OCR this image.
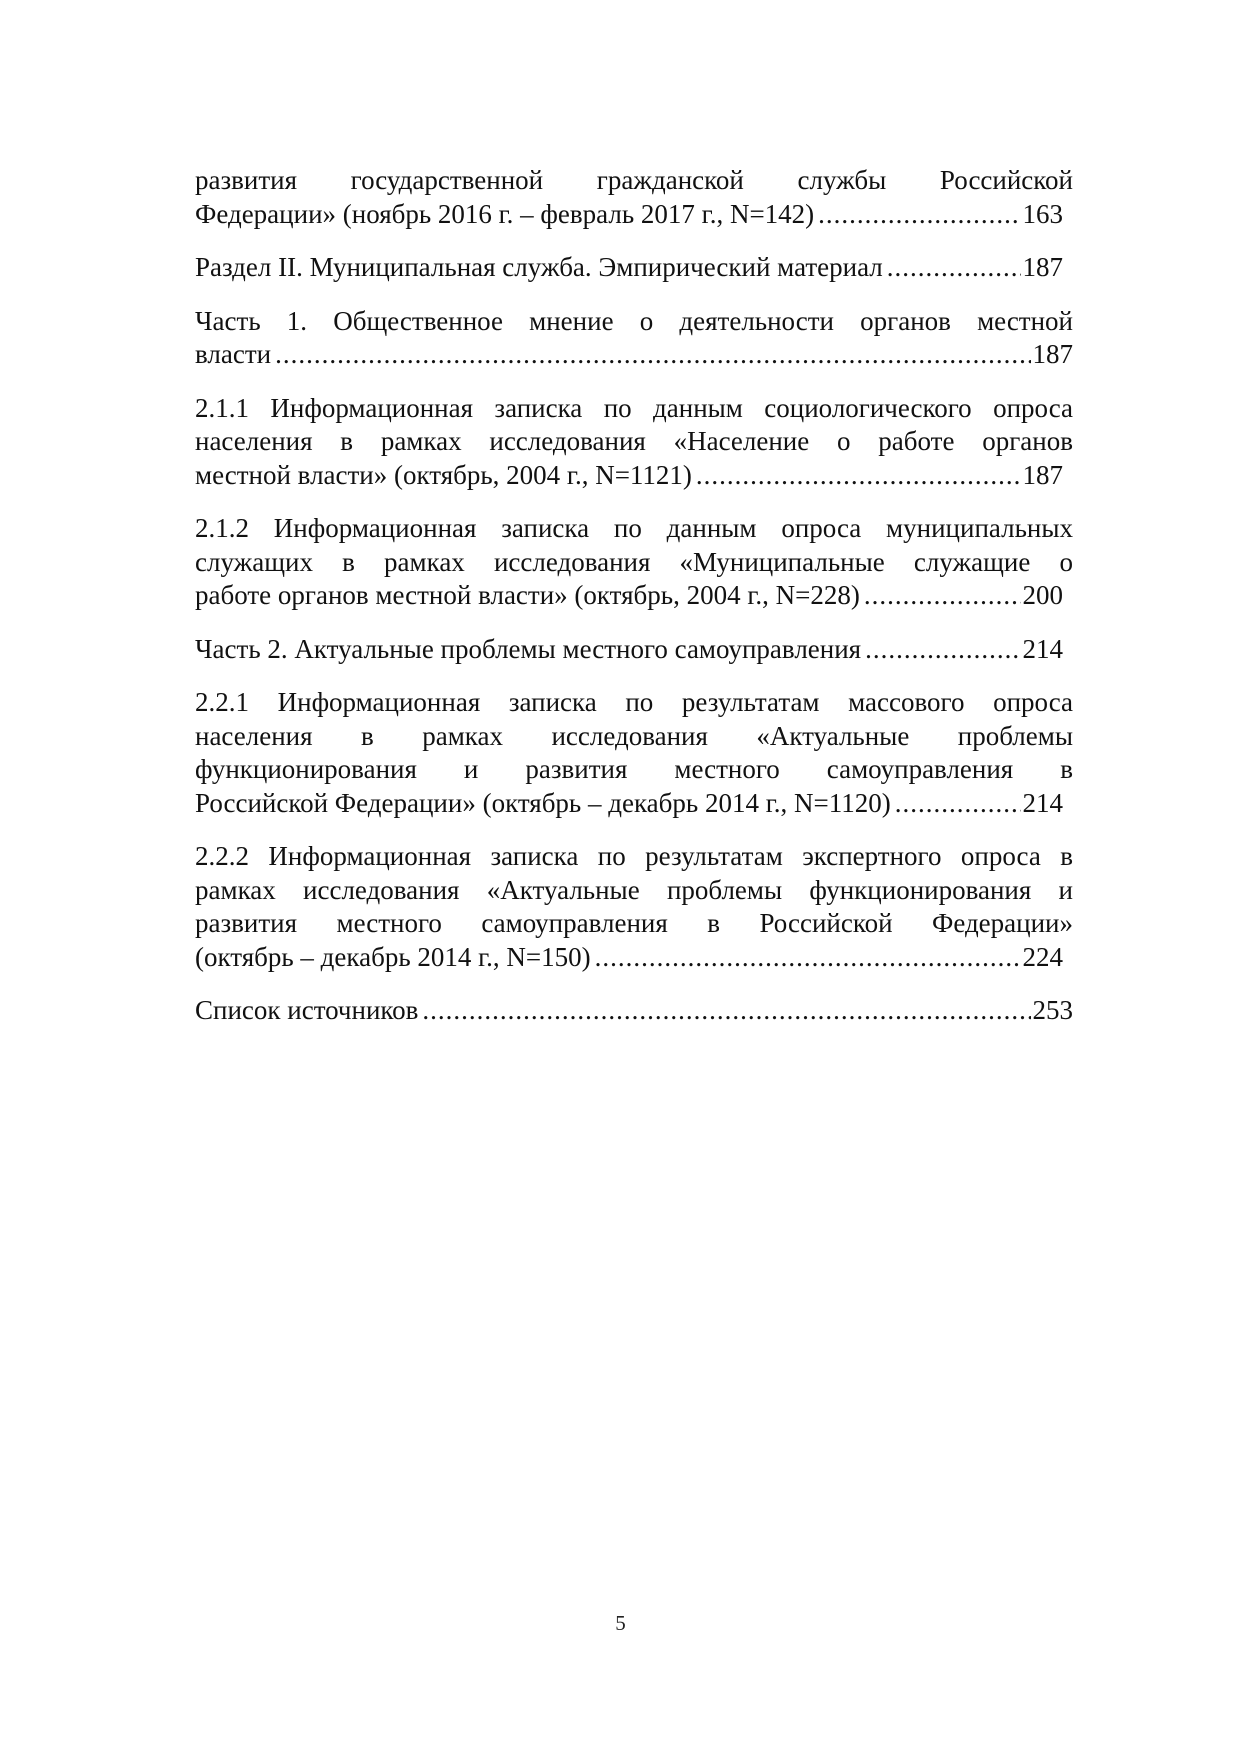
развития государственной гражданской службы Российской
Федерации» (ноябрь 2016 г. – февраль 2017 г., N=142) .....	163
Раздел II. Муниципальная служба. Эмпирический материал .....	187
Часть 1. Общественное мнение о деятельности органов местной
власти .....	187
2.1.1 Информационная записка по данным социологического опроса
населения в рамках исследования «Население о работе органов
местной власти» (октябрь, 2004 г., N=1121) .....	187
2.1.2 Информационная записка по данным опроса муниципальных
служащих в рамках исследования «Муниципальные служащие о
работе органов местной власти» (октябрь, 2004 г., N=228) .....	200
Часть 2. Актуальные проблемы местного самоуправления .....	214
2.2.1 Информационная записка по результатам массового опроса
населения в рамках исследования «Актуальные проблемы
функционирования и развития местного самоуправления в
Российской Федерации» (октябрь – декабрь 2014 г., N=1120) .....	214
2.2.2 Информационная записка по результатам экспертного опроса в
рамках исследования «Актуальные проблемы функционирования и
развития местного самоуправления в Российской Федерации»
(октябрь – декабрь 2014 г., N=150) .....	224
Список источников .....	253
5
